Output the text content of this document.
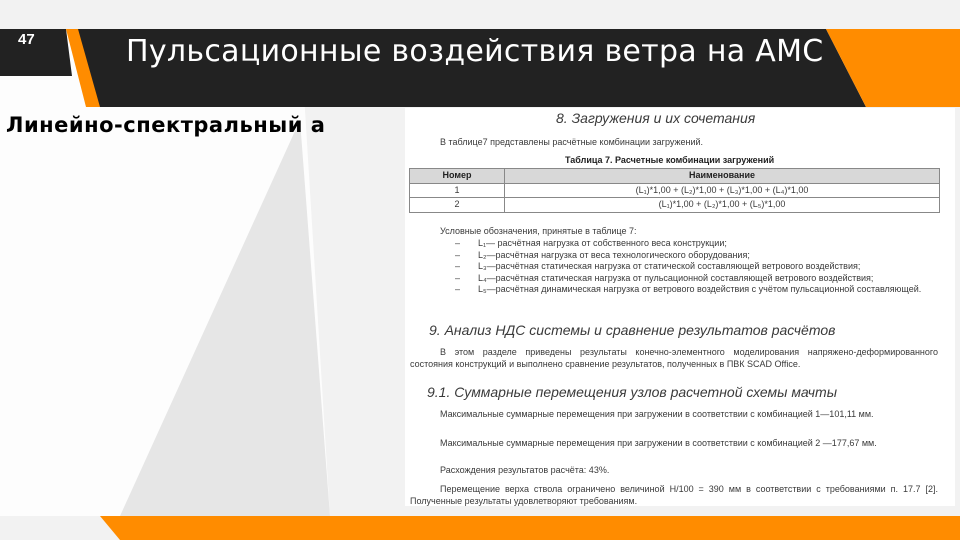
47	Пульсационные воздействия ветра на АМС
Линейно-спектральный а	8. Загружения и их сочетания
В таблице7 представлены расчётные комбинации загружений.
Таблица 7. Расчетные комбинации загружений
Номер	Наименование
1	(L₁)*1,00 + (L₂)*1,00 + (L₃)*1,00 + (L₄)*1,00
2	(L₁)*1,00 + (L₂)*1,00 + (L₅)*1,00
Условные обозначения, принятые в таблице 7:
– L₁— расчётная нагрузка от собственного веса конструкции;
– L₂—расчётная нагрузка от веса технологического оборудования;
– L₃—расчётная статическая нагрузка от статической составляющей ветрового воздействия;
– L₄—расчётная статическая нагрузка от пульсационной составляющей ветрового воздействия;
– L₅—расчётная динамическая нагрузка от ветрового воздействия с учётом пульсационной составляющей.
9. Анализ НДС системы и сравнение результатов расчётов
В этом разделе приведены результаты конечно-элементного моделирования напряжено-деформированного состояния конструкций и выполнено сравнение результатов, полученных в ПВК SCAD Office.
9.1. Суммарные перемещения узлов расчетной схемы мачты
Максимальные суммарные перемещения при загружении в соответствии с комбинацией 1—101,11 мм.
Максимальные суммарные перемещения при загружении в соответствии с комбинацией 2 —177,67 мм.
Расхождения результатов расчёта: 43%.
Перемещение верха ствола ограничено величиной Н/100 = 390 мм в соответствии с требованиями п. 17.7 [2]. Полученные результаты удовлетворяют требованиям.
